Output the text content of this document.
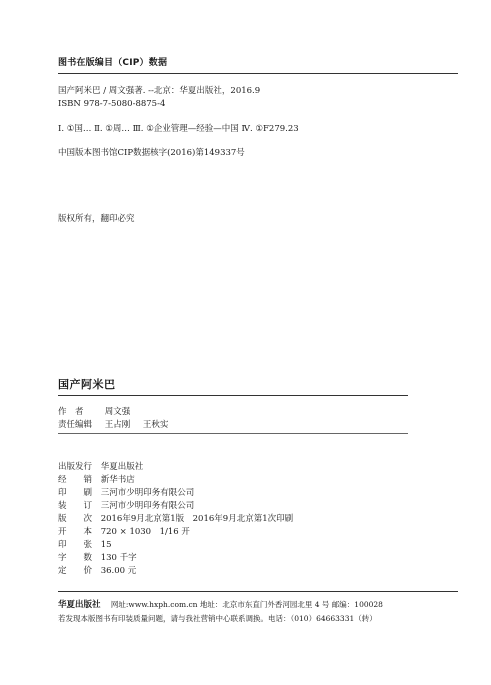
图书在版编目（CIP）数据
国产阿米巴 / 周文强著. --北京：华夏出版社，2016.9
ISBN 978-7-5080-8875-4
Ⅰ. ①国… Ⅱ. ①周… Ⅲ. ①企业管理—经验—中国 Ⅳ. ①F279.23
中国版本图书馆CIP数据核字(2016)第149337号
版权所有，翻印必究
国产阿米巴
作　者 周文强
责任编辑 王占刚 王秋实
出版发行 华夏出版社
经　　销 新华书店
印　　刷 三河市少明印务有限公司
装　　订 三河市少明印务有限公司
版　　次 2016年9月北京第1版　2016年9月北京第1次印刷
开　　本 720 × 1030　1/16 开
印　　张 15
字　　数 130 千字
定　　价 36.00 元
华夏出版社 网址:www.hxph.com.cn 地址：北京市东直门外香河园北里 4 号 邮编：100028
若发现本版图书有印装质量问题，请与我社营销中心联系调换。电话：（010）64663331（转）
